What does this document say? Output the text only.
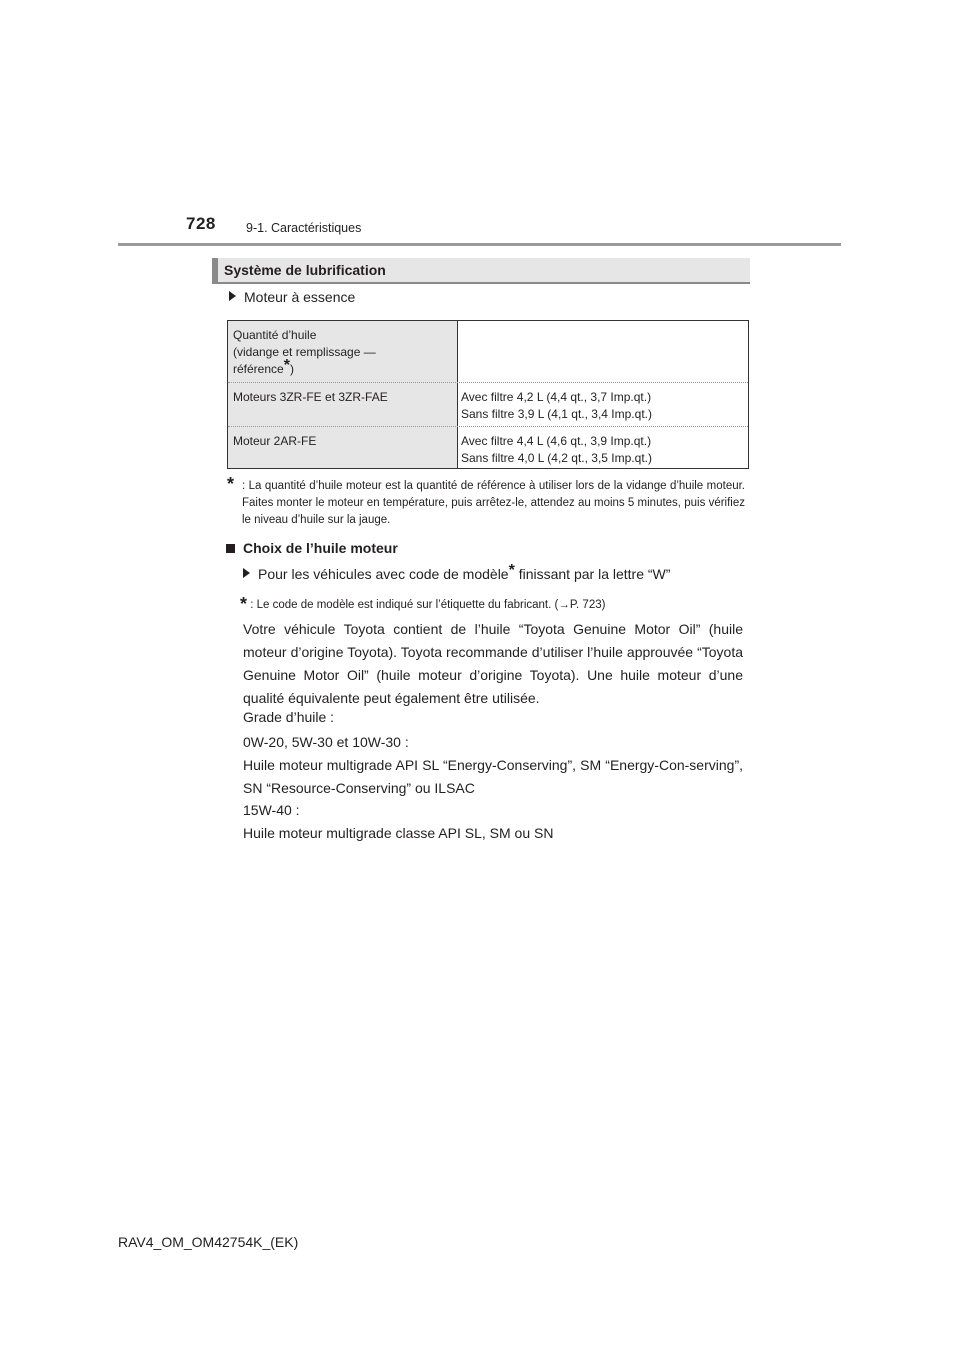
728 9-1. Caractéristiques
Système de lubrification
Moteur à essence
Quantité d’huile
(vidange et remplissage —
référence*)
Moteurs 3ZR-FE et 3ZR-FAE	Avec filtre 4,2 L (4,4 qt., 3,7 Imp.qt.)
Sans filtre 3,9 L (4,1 qt., 3,4 Imp.qt.)
Moteur 2AR-FE	Avec filtre 4,4 L (4,6 qt., 3,9 Imp.qt.)
Sans filtre 4,0 L (4,2 qt., 3,5 Imp.qt.)
* : La quantité d’huile moteur est la quantité de référence à utiliser lors de la vidange d’huile moteur. Faites monter le moteur en température, puis arrêtez-le, attendez au moins 5 minutes, puis vérifiez le niveau d’huile sur la jauge.
Choix de l’huile moteur
Pour les véhicules avec code de modèle* finissant par la lettre “W”
* : Le code de modèle est indiqué sur l’étiquette du fabricant. (→P. 723)
Votre véhicule Toyota contient de l’huile “Toyota Genuine Motor Oil” (huile moteur d’origine Toyota). Toyota recommande d’utiliser l’huile approuvée “Toyota Genuine Motor Oil” (huile moteur d’origine Toyota). Une huile moteur d’une qualité équivalente peut également être utilisée.
Grade d’huile :
0W-20, 5W-30 et 10W-30 :
Huile moteur multigrade API SL “Energy-Conserving”, SM “Energy-Con-serving”, SN “Resource-Conserving” ou ILSAC
15W-40 :
Huile moteur multigrade classe API SL, SM ou SN
RAV4_OM_OM42754K_(EK)
